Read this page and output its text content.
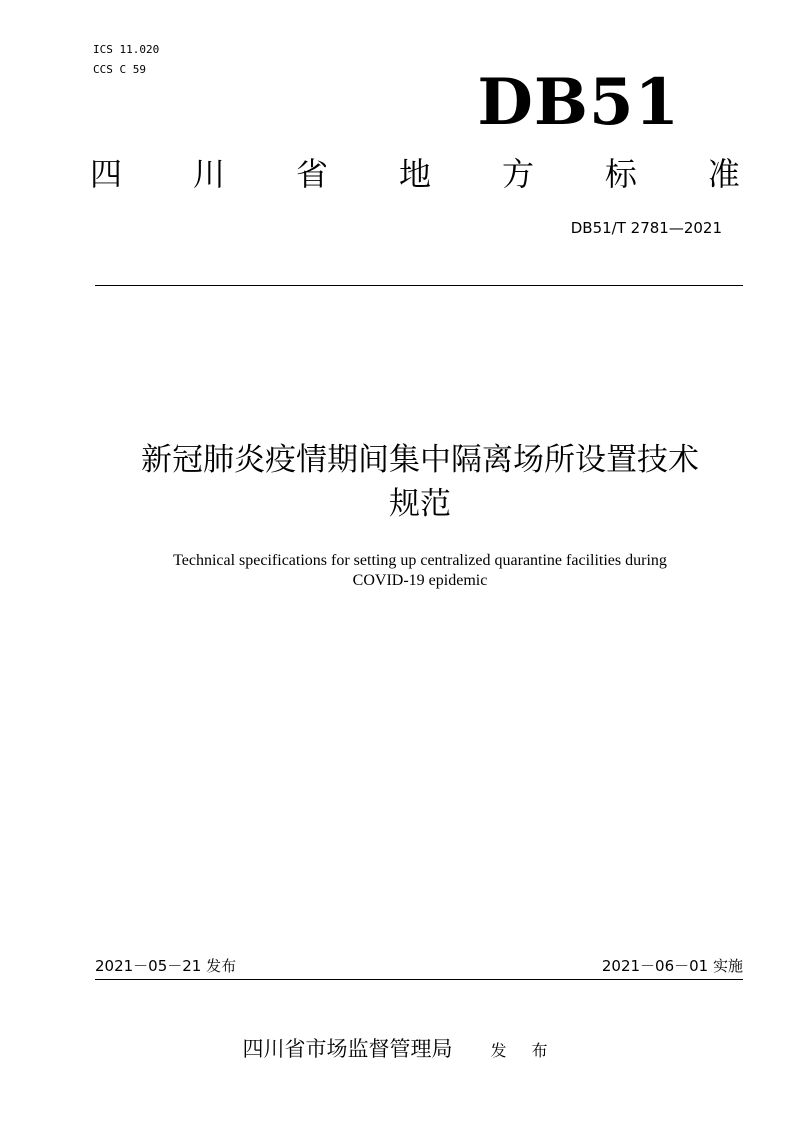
ICS 11.020
CCS C 59	DB51
四 川 省 地 方 标 准
DB51/T 2781—2021
新冠肺炎疫情期间集中隔离场所设置技术
规范
Technical specifications for setting up centralized quarantine facilities during
COVID-19 epidemic
2021－05－21 发布	2021－06－01 实施
四川省市场监督管理局 发 布
